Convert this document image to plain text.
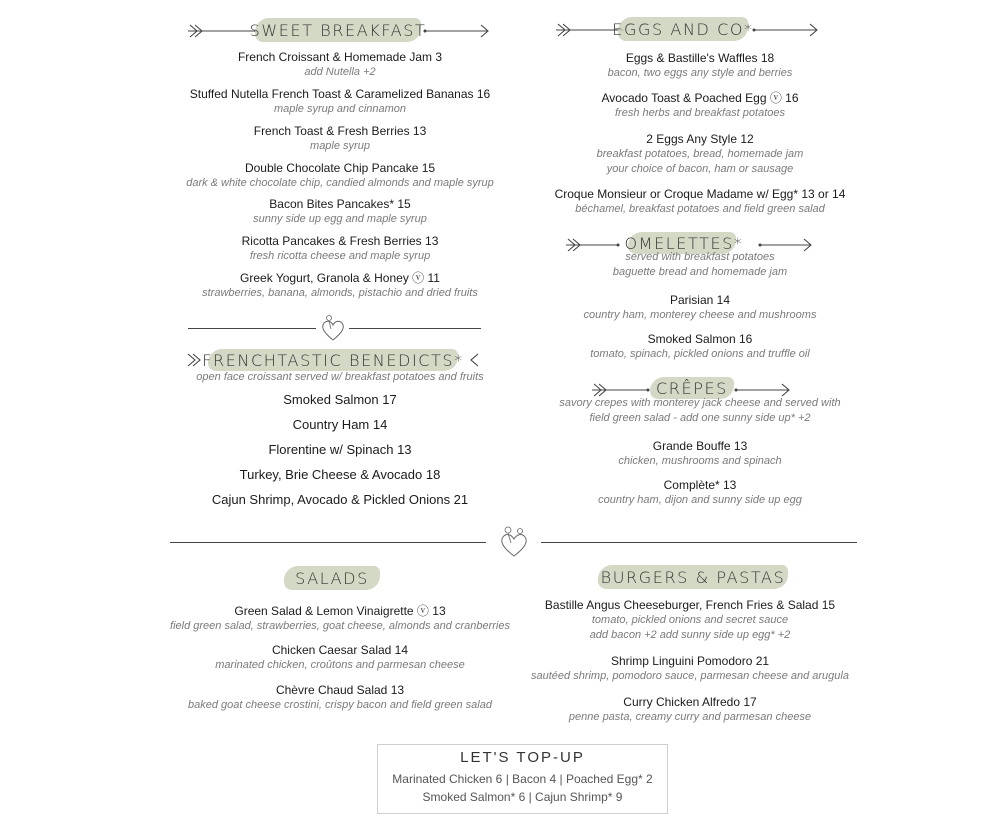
SWEET BREAKFAST
French Croissant & Homemade Jam 3
add Nutella +2
Stuffed Nutella French Toast & Caramelized Bananas 16
maple syrup and cinnamon
French Toast & Fresh Berries 13
maple syrup
Double Chocolate Chip Pancake 15
dark & white chocolate chip, candied almonds and maple syrup
Bacon Bites Pancakes* 15
sunny side up egg and maple syrup
Ricotta Pancakes & Fresh Berries 13
fresh ricotta cheese and maple syrup
Greek Yogurt, Granola & Honey ⓥ 11
strawberries, banana, almonds, pistachio and dried fruits
FRENCHTASTIC BENEDICTS*
open face croissant served w/ breakfast potatoes and fruits
Smoked Salmon 17
Country Ham 14
Florentine w/ Spinach 13
Turkey, Brie Cheese & Avocado 18
Cajun Shrimp, Avocado & Pickled Onions 21
EGGS AND CO*
Eggs & Bastille's Waffles 18
bacon, two eggs any style and berries
Avocado Toast & Poached Egg ⓥ 16
fresh herbs and breakfast potatoes
2 Eggs Any Style 12
breakfast potatoes, bread, homemade jam
your choice of bacon, ham or sausage
Croque Monsieur or Croque Madame w/ Egg* 13 or 14
béchamel, breakfast potatoes and field green salad
OMELETTES*
served with breakfast potatoes
baguette bread and homemade jam
Parisian 14
country ham, monterey cheese and mushrooms
Smoked Salmon 16
tomato, spinach, pickled onions and truffle oil
CRÊPES
savory crepes with monterey jack cheese and served with
field green salad - add one sunny side up* +2
Grande Bouffe 13
chicken, mushrooms and spinach
Complète* 13
country ham, dijon and sunny side up egg
SALADS
Green Salad & Lemon Vinaigrette ⓥ 13
field green salad, strawberries, goat cheese, almonds and cranberries
Chicken Caesar Salad 14
marinated chicken, croûtons and parmesan cheese
Chèvre Chaud Salad 13
baked goat cheese crostini, crispy bacon and field green salad
BURGERS & PASTAS
Bastille Angus Cheeseburger, French Fries & Salad 15
tomato, pickled onions and secret sauce
add bacon +2 add sunny side up egg* +2
Shrimp Linguini Pomodoro 21
sautéed shrimp, pomodoro sauce, parmesan cheese and arugula
Curry Chicken Alfredo 17
penne pasta, creamy curry and parmesan cheese
LET'S TOP-UP
Marinated Chicken 6 | Bacon 4 | Poached Egg* 2
Smoked Salmon* 6 | Cajun Shrimp* 9
